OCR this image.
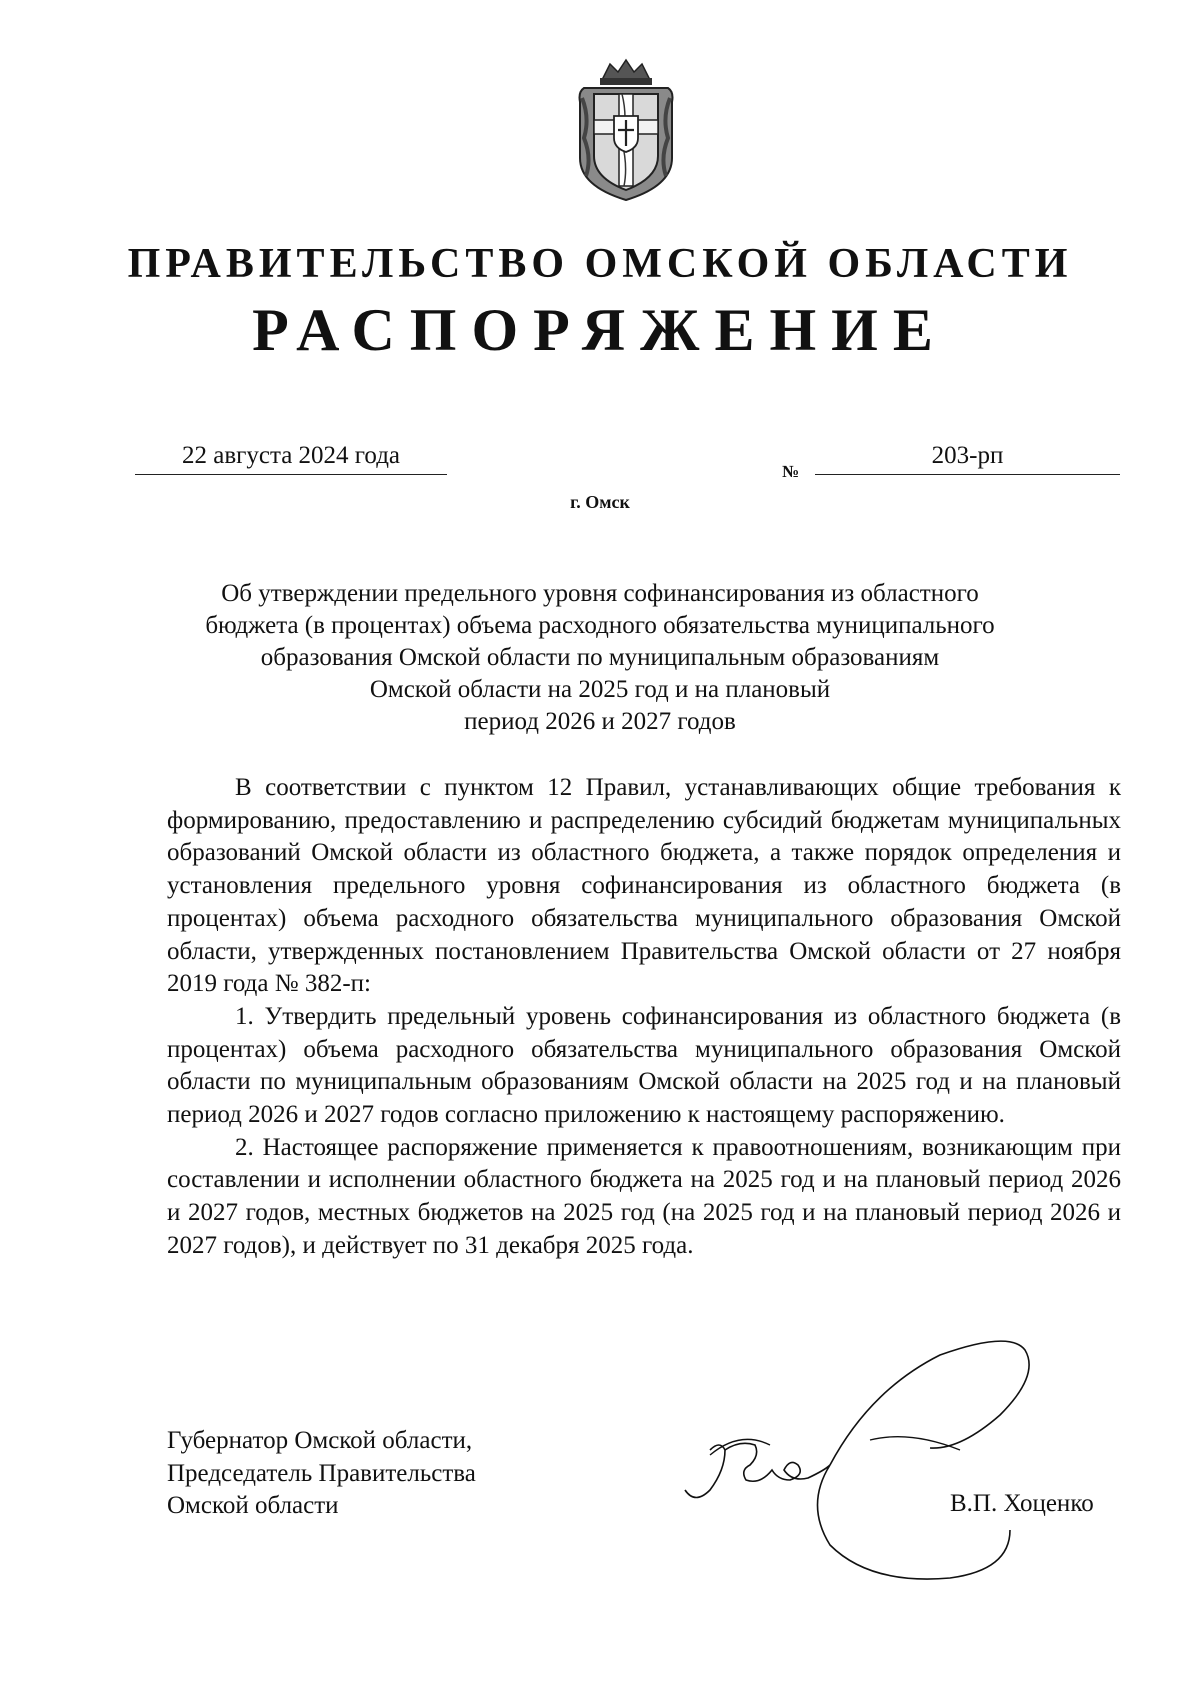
ПРАВИТЕЛЬСТВО ОМСКОЙ ОБЛАСТИ
РАСПОРЯЖЕНИЕ
22 августа 2024 года
№
203-рп
г. Омск
Об утверждении предельного уровня софинансирования из областного
бюджета (в процентах) объема расходного обязательства муниципального
образования Омской области по муниципальным образованиям
Омской области на 2025 год и на плановый
период 2026 и 2027 годов

В соответствии с пунктом 12 Правил, устанавливающих общие требования к формированию, предоставлению и распределению субсидий бюджетам муниципальных образований Омской области из областного бюджета, а также порядок определения и установления предельного уровня софинансирования из областного бюджета (в процентах) объема расходного обязательства муниципального образования Омской области, утвержденных постановлением Правительства Омской области от 27 ноября 2019 года № 382-п:

1. Утвердить предельный уровень софинансирования из областного бюджета (в процентах) объема расходного обязательства муниципального образования Омской области по муниципальным образованиям Омской области на 2025 год и на плановый период 2026 и 2027 годов согласно приложению к настоящему распоряжению.

2. Настоящее распоряжение применяется к правоотношениям, возникающим при составлении и исполнении областного бюджета на 2025 год и на плановый период 2026 и 2027 годов, местных бюджетов на 2025 год (на 2025 год и на плановый период 2026 и 2027 годов), и действует по 31 декабря 2025 года.

Губернатор Омской области,
Председатель Правительства
Омской области	В.П. Хоценко
